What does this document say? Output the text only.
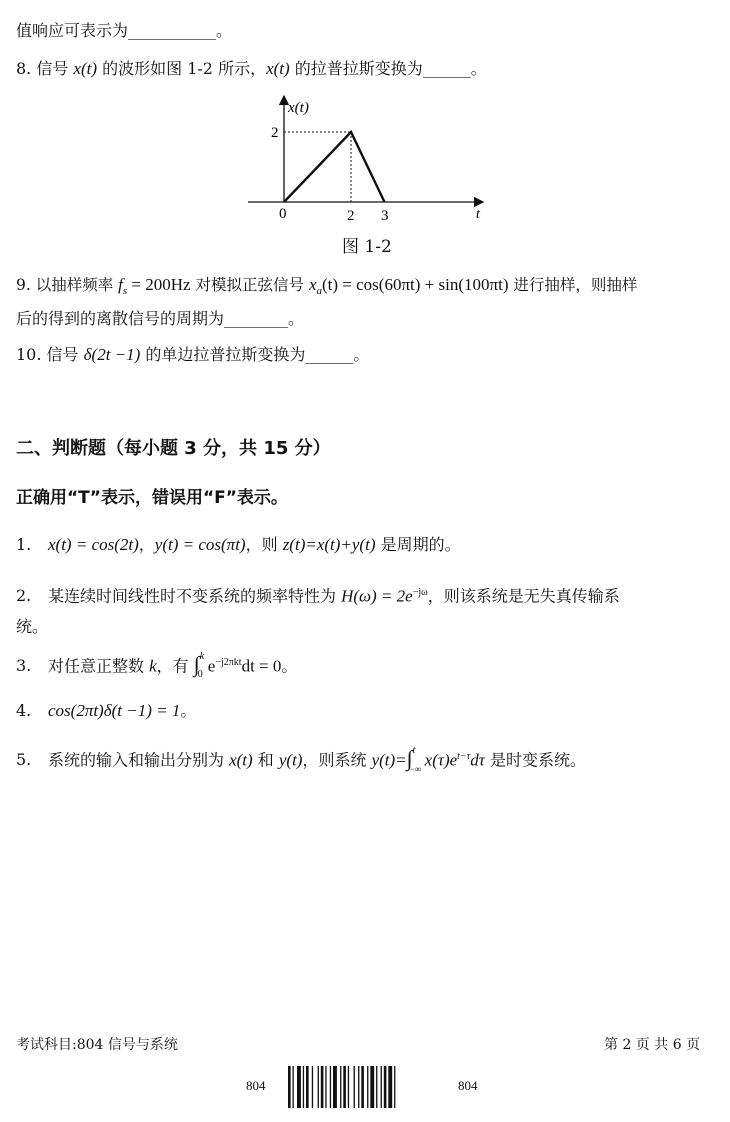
值响应可表示为___________。
8. 信号 x(t) 的波形如图 1-2 所示，x(t) 的拉普拉斯变换为______。
x(t)
2
0	2 3	t
图 1-2
9. 以抽样频率 $f_s = 200Hz$ 对模拟正弦信号 $x_a(t) = \cos(60\pi t) + \sin(100\pi t)$ 进行抽样，则抽样
后的得到的离散信号的周期为________。
10. 信号 δ(2t −1) 的单边拉普拉斯变换为______。
二、判断题（每小题 3 分，共 15 分）
正确用“T”表示，错误用“F”表示。
1. x(t) = cos(2t)，y(t) = cos(πt)，则 z(t)=x(t)+y(t) 是周期的。
2. 某连续时间线性时不变系统的频率特性为 $H(\omega) = 2e^{-j\omega}$，则该系统是无失真传输系
统。
3. 对任意正整数 k，有 ∫ k
0 $e^{-j2\pi kt}dt = 0$。
4. cos(2πt)δ(t −1) = 1。
5. 系统的输入和输出分别为 x(t) 和 y(t)，则系统 y(t)=∫ t
−∞ $x(\tau)e^{t-\tau}d\tau$ 是时变系统。
考试科目:804 信号与系统	第 2 页 共 6 页
804	804
